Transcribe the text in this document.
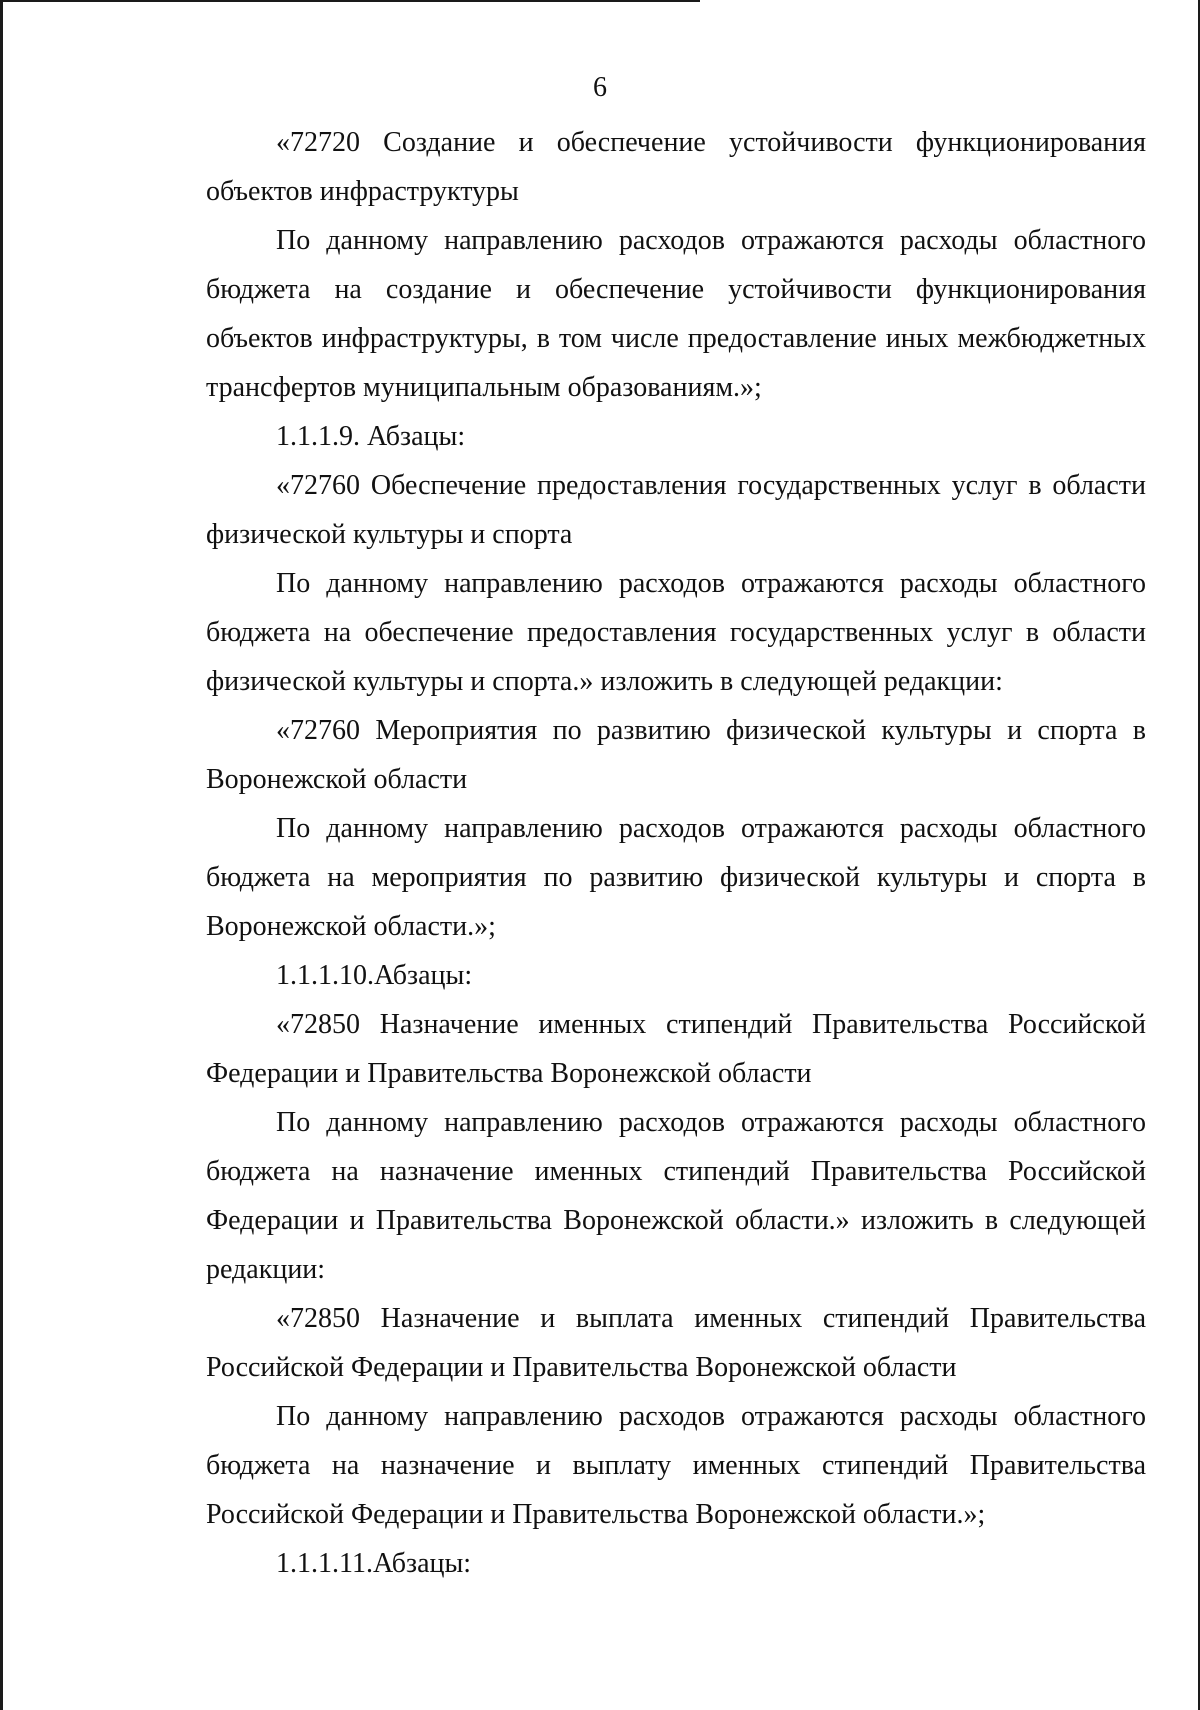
6

«72720 Создание и обеспечение устойчивости функционирования объектов инфраструктуры

По данному направлению расходов отражаются расходы областного бюджета на создание и обеспечение устойчивости функционирования объектов инфраструктуры, в том числе предоставление иных межбюджетных трансфертов муниципальным образованиям.»;

1.1.1.9. Абзацы:

«72760 Обеспечение предоставления государственных услуг в области физической культуры и спорта

По данному направлению расходов отражаются расходы областного бюджета на обеспечение предоставления государственных услуг в области физической культуры и спорта.» изложить в следующей редакции:

«72760 Мероприятия по развитию физической культуры и спорта в Воронежской области

По данному направлению расходов отражаются расходы областного бюджета на мероприятия по развитию физической культуры и спорта в Воронежской области.»;

1.1.1.10.Абзацы:

«72850 Назначение именных стипендий Правительства Российской Федерации и Правительства Воронежской области

По данному направлению расходов отражаются расходы областного бюджета на назначение именных стипендий Правительства Российской Федерации и Правительства Воронежской области.» изложить в следующей редакции:

«72850 Назначение и выплата именных стипендий Правительства Российской Федерации и Правительства Воронежской области

По данному направлению расходов отражаются расходы областного бюджета на назначение и выплату именных стипендий Правительства Российской Федерации и Правительства Воронежской области.»;

1.1.1.11.Абзацы:
